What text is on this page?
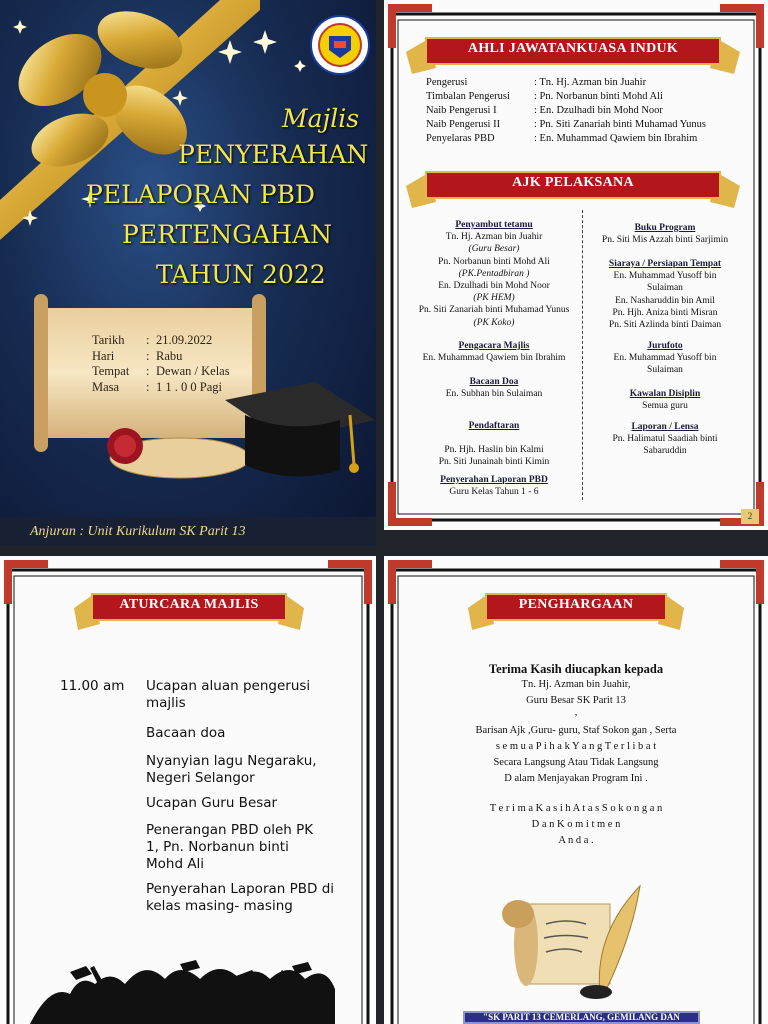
Majlis
PENYERAHAN
PELAPORAN PBD
PERTENGAHAN
TAHUN 2022
Tarikh	: 21.09.2022
Hari	: Rabu
Tempat	: Dewan / Kelas
Masa	: 1 1 . 0 0 Pagi
Anjuran : Unit Kurikulum SK Parit 13
AHLI JAWATANKUASA INDUK
Pengerusi	: Tn. Hj. Azman bin Juahir
Timbalan Pengerusi	: Pn. Norbanun binti Mohd Ali
Naib Pengerusi I	: En. Dzulhadi bin Mohd Noor
Naib Pengerusi II	: Pn. Siti Zanariah binti Muhamad Yunus
Penyelaras PBD	: En. Muhammad Qawiem bin Ibrahim
AJK PELAKSANA
Penyambut tetamu
Tn. Hj. Azman bin Juahir
(Guru Besar)
Pn. Norbanun binti Mohd Ali
(PK.Pentadbiran )
En. Dzulhadi bin Mohd Noor
(PK HEM)
Pn. Siti Zanariah binti Muhamad Yunus
(PK Koko)
Pengacara Majlis
En. Muhammad Qawiem bin Ibrahim
Bacaan Doa
En. Subhan bin Sulaiman
Pendaftaran
Pn. Hjh. Haslin bin Kalmi
Pn. Siti Junainah binti Kimin
Penyerahan Laporan PBD
Guru Kelas Tahun 1 - 6
Buku Program
Pn. Siti Mis Azzah binti Sarjimin
Siaraya / Persiapan Tempat
En. Muhammad Yusoff bin
Sulaiman
En. Nasharuddin bin Amil
Pn. Hjh. Aniza binti Misran
Pn. Siti Azlinda binti Daiman
Jurufoto
En. Muhammad Yusoff bin
Sulaiman
Kawalan Disiplin
Semua guru
Laporan / Lensa
Pn. Halimatul Saadiah binti
Sabaruddin
2
ATURCARA MAJLIS
11.00 am	Ucapan aluan pengerusi majlis
Bacaan doa
Nyanyian lagu Negaraku, Negeri Selangor
Ucapan Guru Besar
Penerangan PBD oleh PK 1, Pn. Norbanun binti Mohd Ali
Penyerahan Laporan PBD di kelas masing- masing
PENGHARGAAN
Terima Kasih diucapkan kepada
Tn. Hj. Azman bin Juahir,
Guru Besar SK Parit 13
,
Barisan Ajk ,Guru- guru, Staf Sokon gan , Serta
s e m u a P i h a k Y a n g T e r l i b a t
Secara Langsung Atau Tidak Langsung
D alam Menjayakan Program Ini .
T e r i m a K a s i h A t a s S o k o n g a n
D a n K o m i t m e n
A n d a .
"SK PARIT 13 CEMERLANG, GEMILANG DAN
